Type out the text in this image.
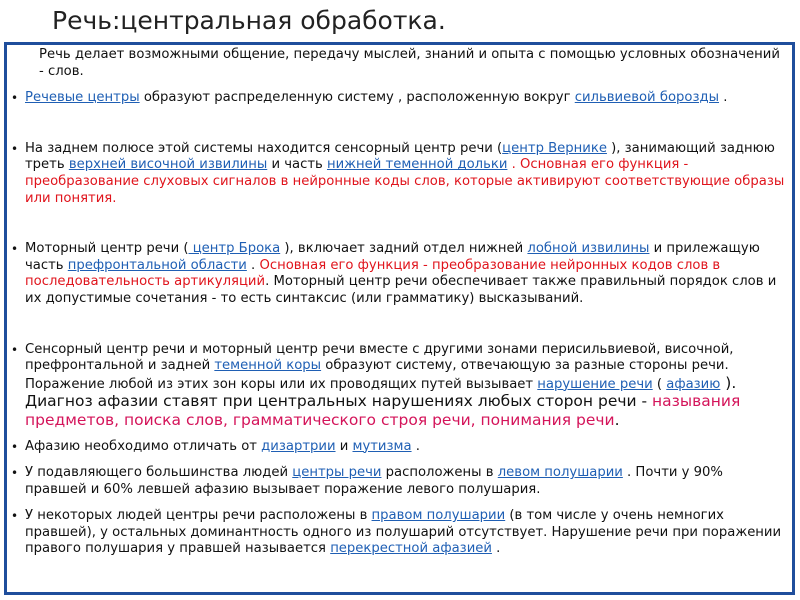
Речь:центральная обработка.

Речь делает возможными общение, передачу мыслей, знаний и опыта с помощью условных обозначений - слов.

• Речевые центры образуют распределенную систему , расположенную вокруг сильвиевой борозды .
• На заднем полюсе этой системы находится сенсорный центр речи (центр Вернике ), занимающий заднюю треть верхней височной извилины и часть нижней теменной дольки . Основная его функция - преобразование слуховых сигналов в нейронные коды слов, которые активируют соответствующие образы или понятия.
• Моторный центр речи ( центр Брока ), включает задний отдел нижней лобной извилины и прилежащую часть префронтальной области . Основная его функция - преобразование нейронных кодов слов в последовательность артикуляций. Моторный центр речи обеспечивает также правильный порядок слов и их допустимые сочетания - то есть синтаксис (или грамматику) высказываний.
• Сенсорный центр речи и моторный центр речи вместе с другими зонами перисильвиевой, височной, префронтальной и задней теменной коры образуют систему, отвечающую за разные стороны речи. Поражение любой из этих зон коры или их проводящих путей вызывает нарушение речи ( афазию ). Диагноз афазии ставят при центральных нарушениях любых сторон речи - называния предметов, поиска слов, грамматического строя речи, понимания речи.
• Афазию необходимо отличать от дизартрии и мутизма .
• У подавляющего большинства людей центры речи расположены в левом полушарии . Почти у 90% правшей и 60% левшей афазию вызывает поражение левого полушария.
• У некоторых людей центры речи расположены в правом полушарии (в том числе у очень немногих правшей), у остальных доминантность одного из полушарий отсутствует. Нарушение речи при поражении правого полушария у правшей называется перекрестной афазией .
